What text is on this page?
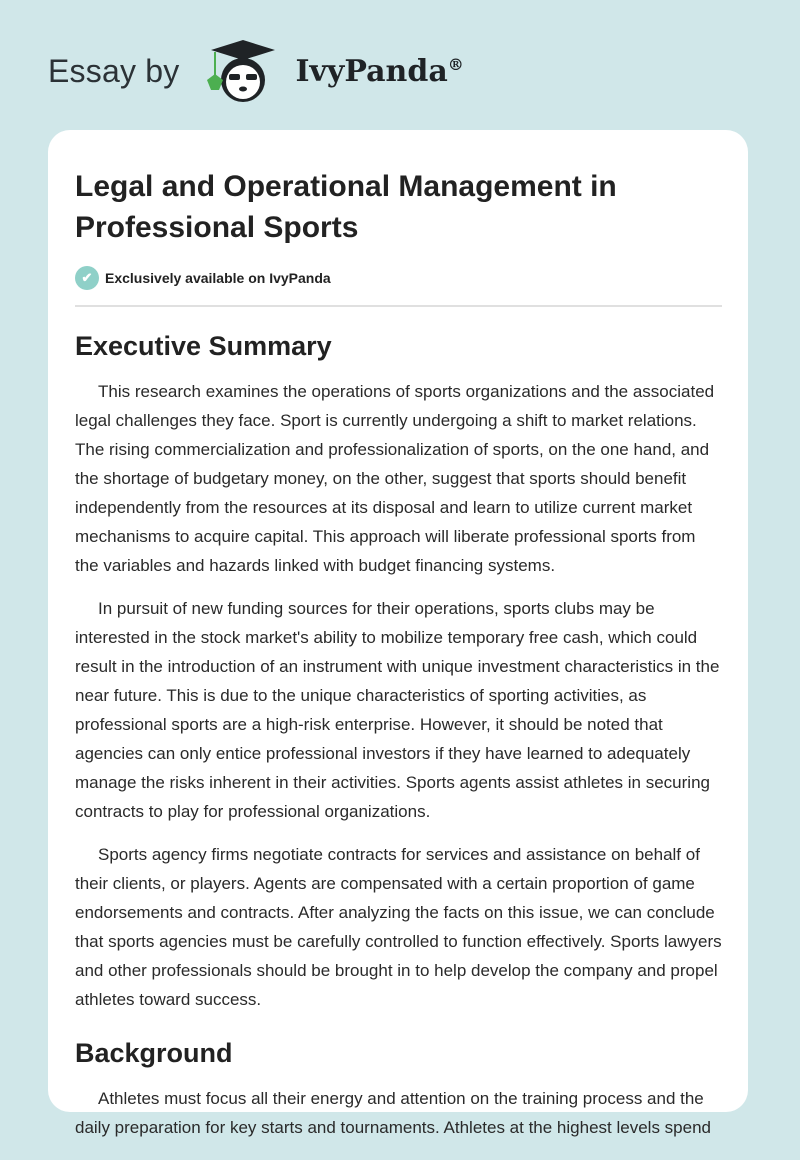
Essay by	IvyPanda®
Legal and Operational Management in Professional Sports
✔ Exclusively available on IvyPanda
Executive Summary

This research examines the operations of sports organizations and the associated legal challenges they face. Sport is currently undergoing a shift to market relations. The rising commercialization and professionalization of sports, on the one hand, and the shortage of budgetary money, on the other, suggest that sports should benefit independently from the resources at its disposal and learn to utilize current market mechanisms to acquire capital. This approach will liberate professional sports from the variables and hazards linked with budget financing systems.

In pursuit of new funding sources for their operations, sports clubs may be interested in the stock market's ability to mobilize temporary free cash, which could result in the introduction of an instrument with unique investment characteristics in the near future. This is due to the unique characteristics of sporting activities, as professional sports are a high-risk enterprise. However, it should be noted that agencies can only entice professional investors if they have learned to adequately manage the risks inherent in their activities. Sports agents assist athletes in securing contracts to play for professional organizations.

Sports agency firms negotiate contracts for services and assistance on behalf of their clients, or players. Agents are compensated with a certain proportion of game endorsements and contracts. After analyzing the facts on this issue, we can conclude that sports agencies must be carefully controlled to function effectively. Sports lawyers and other professionals should be brought in to help develop the company and propel athletes toward success.

Background

Athletes must focus all their energy and attention on the training process and the daily preparation for key starts and tournaments. Athletes at the highest levels spend
